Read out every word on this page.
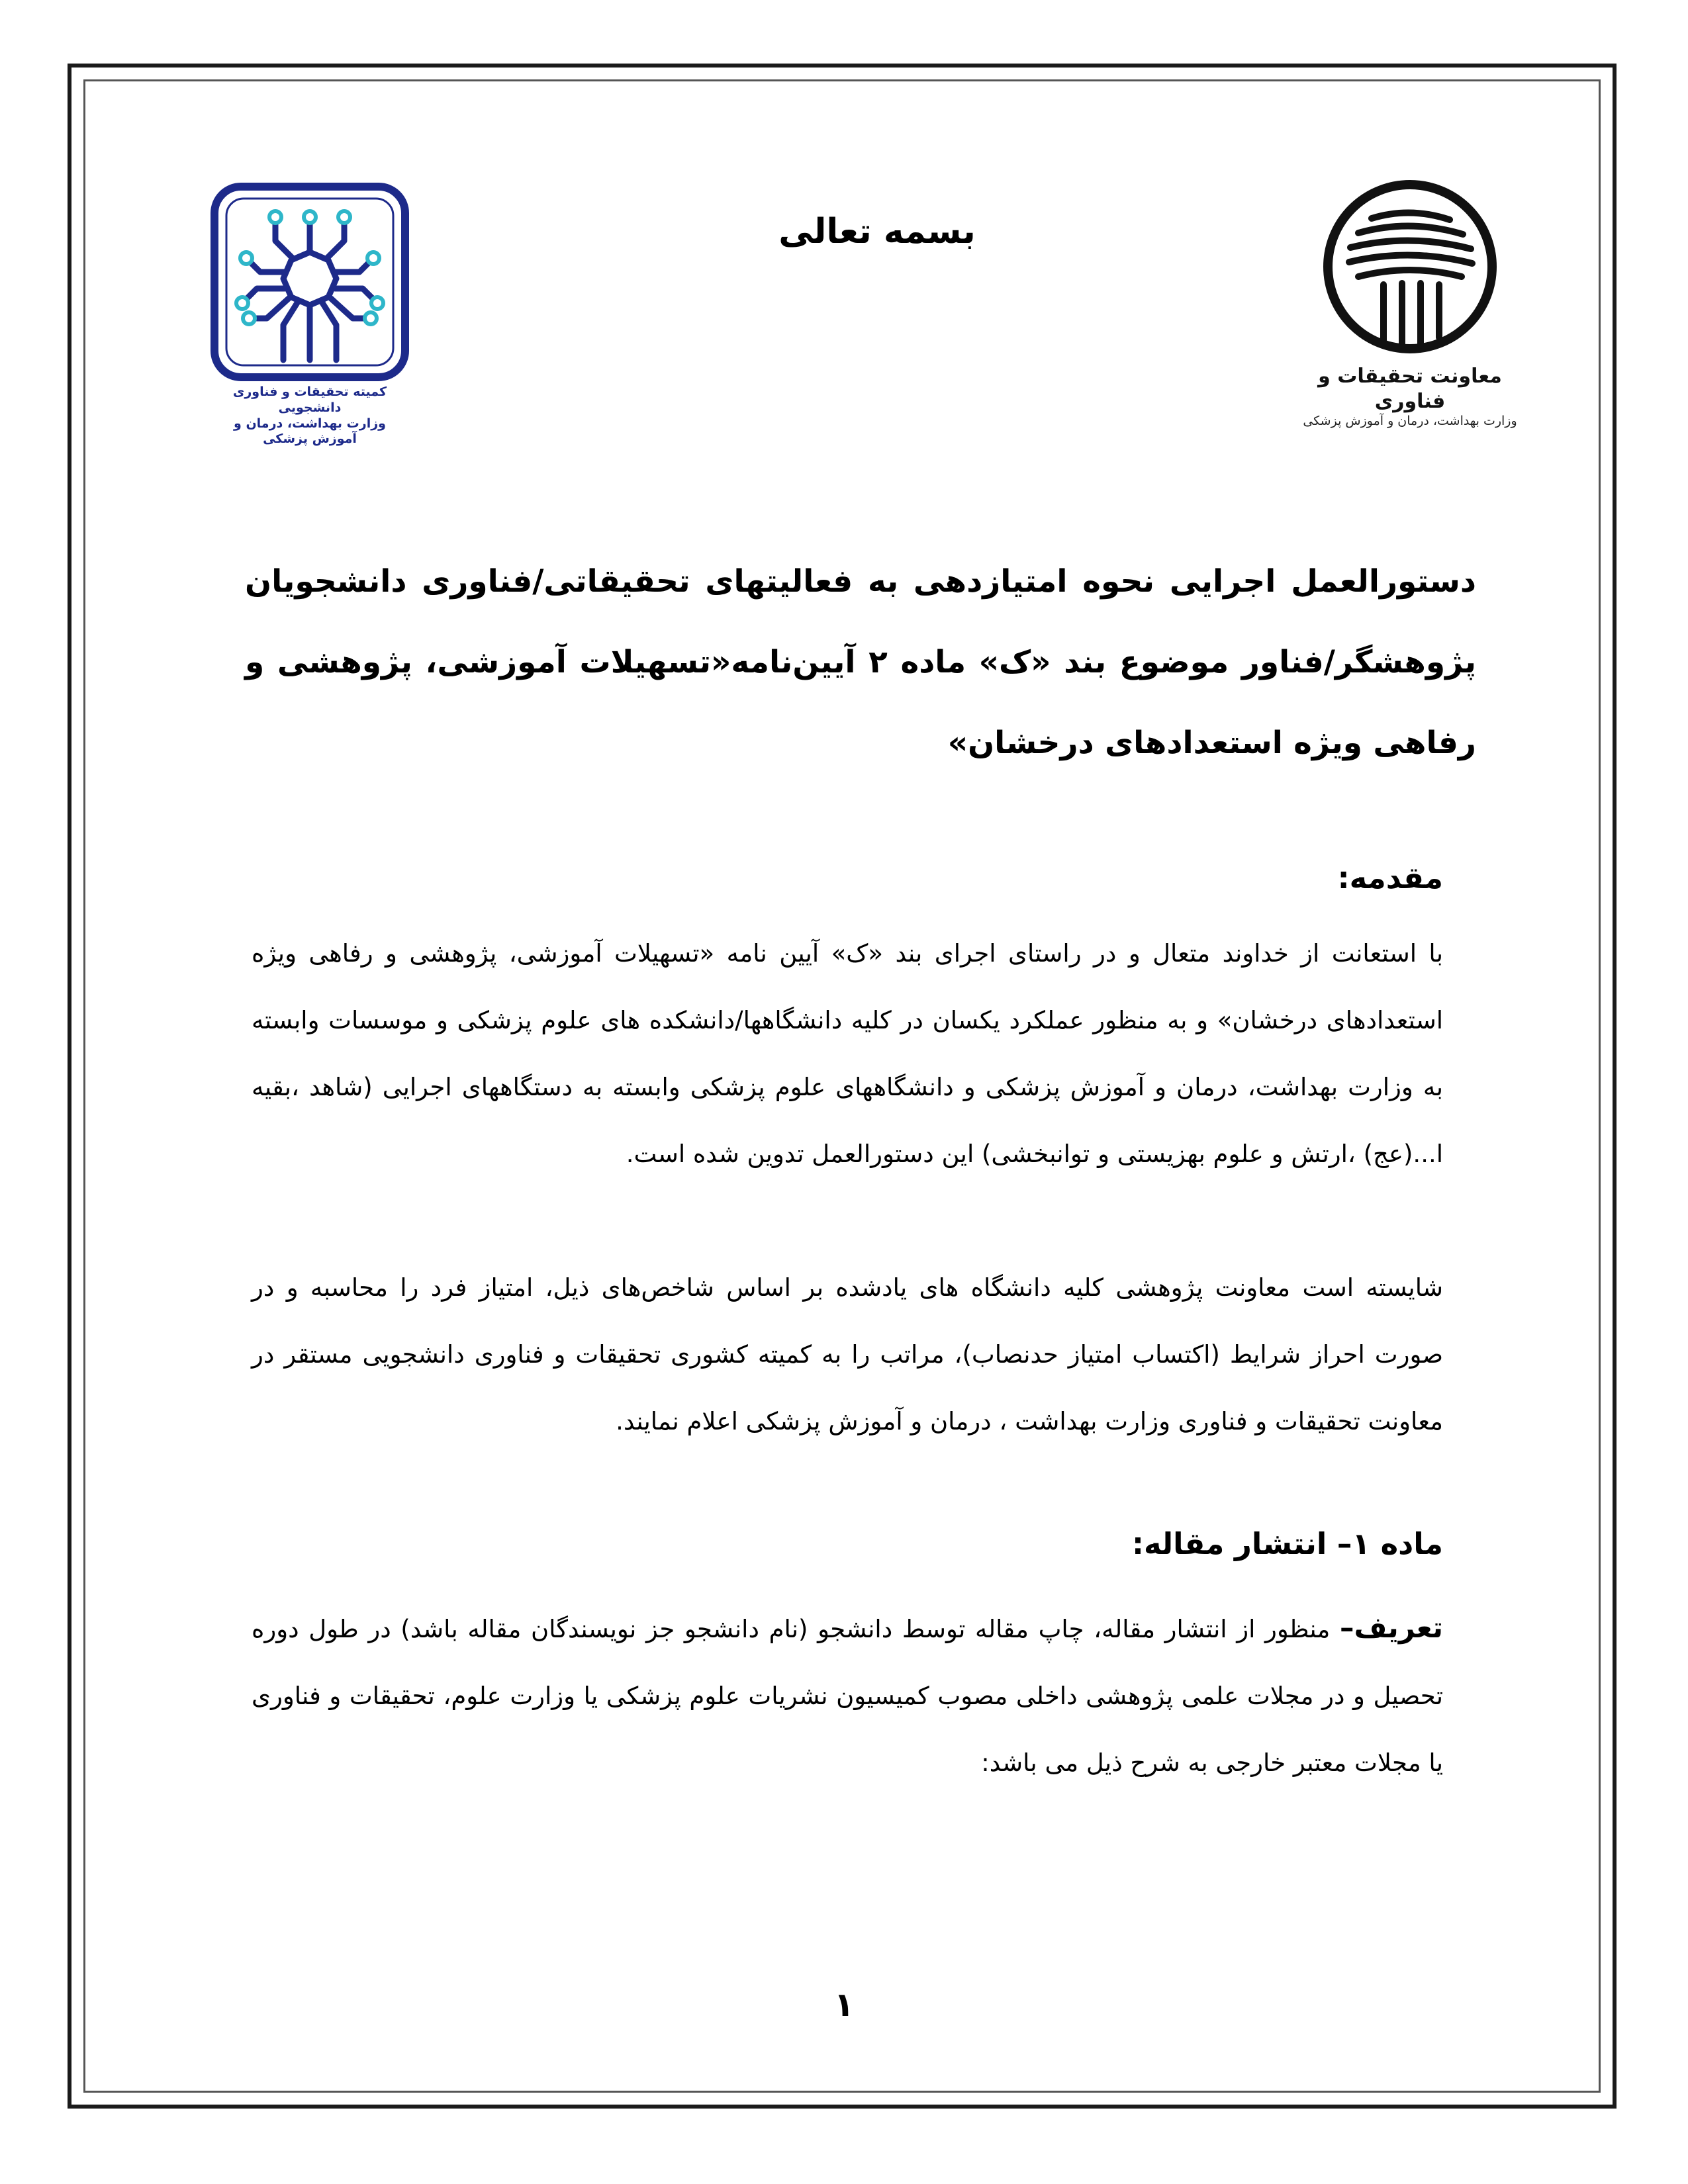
کمیته تحقیقات و فناوری دانشجویی
وزارت بهداشت، درمان و آموزش پزشکی
بسمه تعالی
معاونت تحقیقات و فناوری
وزارت بهداشت، درمان و آموزش پزشکی

دستورالعمل اجرایی نحوه امتیازدهی به فعالیتهای تحقیقاتی/فناوری دانشجویان پژوهشگر/فناور موضوع بند «ک» ماده ۲ آیین‌نامه«تسهیلات آموزشی، پژوهشی و رفاهی ویژه استعدادهای درخشان»

مقدمه:

با استعانت از خداوند متعال و در راستای اجرای بند «ک» آیین نامه «تسهیلات آموزشی، پژوهشی و رفاهی ویژه استعدادهای درخشان» و به منظور عملکرد یکسان در کلیه دانشگاهها/دانشکده های علوم پزشکی و موسسات وابسته به وزارت بهداشت، درمان و آموزش پزشکی و دانشگاههای علوم پزشکی وابسته به دستگاههای اجرایی (شاهد ،بقیه ا...(عج) ،ارتش و علوم بهزیستی و توانبخشی) این دستورالعمل تدوین شده است.

شایسته است معاونت پژوهشی کلیه دانشگاه های یادشده بر اساس شاخص‌های ذیل، امتیاز فرد را محاسبه و در صورت احراز شرایط (اکتساب امتیاز حدنصاب)، مراتب را به کمیته کشوری تحقیقات و فناوری دانشجویی مستقر در معاونت تحقیقات و فناوری وزارت بهداشت ، درمان و آموزش پزشکی اعلام نمایند.

ماده ۱– انتشار مقاله:

تعریف– منظور از انتشار مقاله، چاپ مقاله توسط دانشجو (نام دانشجو جز نویسندگان مقاله باشد) در طول دوره تحصیل و در مجلات علمی پژوهشی داخلی مصوب کمیسیون نشریات علوم پزشکی یا وزارت علوم، تحقیقات و فناوری یا مجلات معتبر خارجی به شرح ذیل می باشد:

۱
